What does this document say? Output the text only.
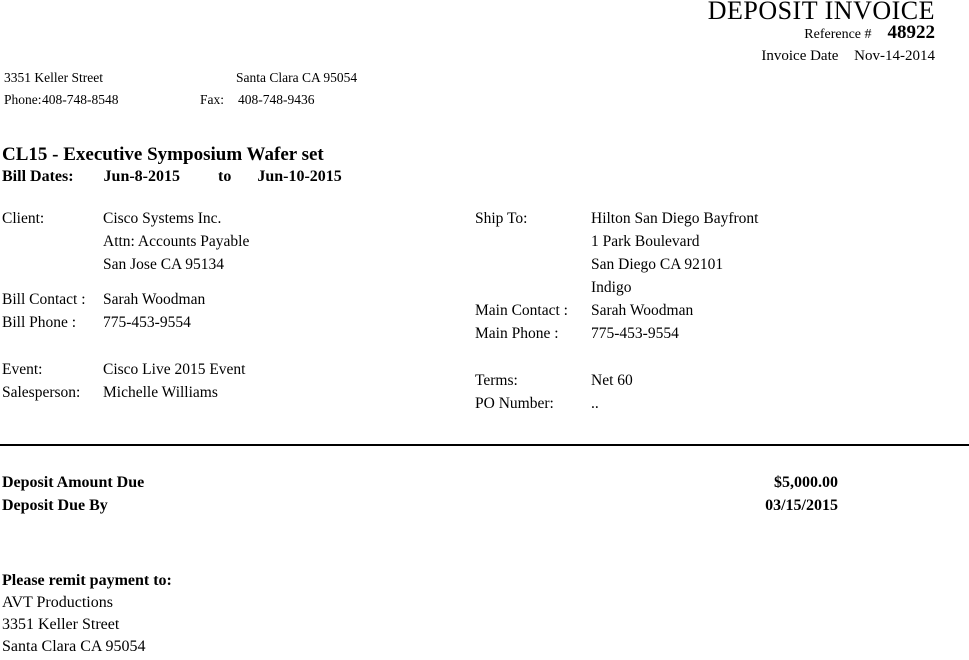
DEPOSIT INVOICE
Reference # 48922
Invoice Date Nov-14-2014
3351 Keller Street	Santa Clara CA 95054
Phone: 408-748-8548	Fax: 408-748-9436
CL15 - Executive Symposium Wafer set
Bill Dates: Jun-8-2015 to Jun-10-2015
Client:	Cisco Systems Inc.
Attn: Accounts Payable
San Jose CA 95134
Bill Contact : Sarah Woodman
Bill Phone : 775-453-9554
Event:	Cisco Live 2015 Event
Salesperson: Michelle Williams
Ship To:	Hilton San Diego Bayfront
1 Park Boulevard
San Diego CA 92101
Indigo
Main Contact : Sarah Woodman
Main Phone : 775-453-9554
Terms:	Net 60
PO Number: ..
Deposit Amount Due	$5,000.00
Deposit Due By	03/15/2015
Please remit payment to:
AVT Productions
3351 Keller Street
Santa Clara CA 95054
